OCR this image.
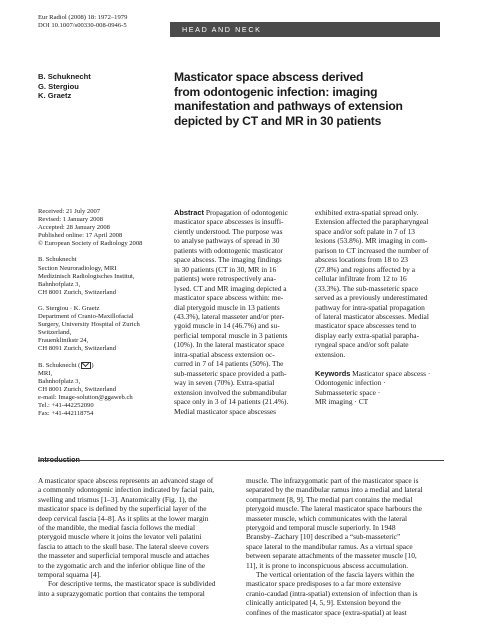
Eur Radiol (2008) 18: 1972–1979
DOI 10.1007/s00330-008-0946-5	HEAD AND NECK
B. Schuknecht
G. Stergiou
K. Graetz
Masticator space abscess derived
from odontogenic infection: imaging
manifestation and pathways of extension
depicted by CT and MR in 30 patients
Received: 21 July 2007
Revised: 1 January 2008
Accepted: 28 January 2008
Published online: 17 April 2008
© European Society of Radiology 2008
B. Schuknecht
Section Neuroradiology, MRI
Medizinisch Radiologisches Institut,
Bahnhofplatz 3,
CH 8001 Zurich, Switzerland
G. Stergiou · K. Graetz
Department of Cranio-Maxillofacial
Surgery, University Hospital of Zurich
Switzerland,
Frauenklinikstr 24,
CH 8091 Zurich, Switzerland
B. Schuknecht ( )
MRI,
Bahnhofplatz 3,
CH 8001 Zurich, Switzerland
e-mail: Image-solution@ggaweb.ch
Tel.: +41-442252090
Fax: +41-442118754
Abstract Propagation of odontogenic
masticator space abscesses is insuffi-
ciently understood. The purpose was
to analyse pathways of spread in 30
patients with odontogenic masticator
space abscess. The imaging findings
in 30 patients (CT in 30, MR in 16
patients) were retrospectively ana-
lysed. CT and MR imaging depicted a
masticator space abscess within: me-
dial pterygoid muscle in 13 patients
(43.3%), lateral masseter and/or pter-
ygoid muscle in 14 (46.7%) and su-
perficial temporal muscle in 3 patients
(10%). In the lateral masticator space
intra-spatial abscess extension oc-
curred in 7 of 14 patients (50%). The
sub-masseteric space provided a path-
way in seven (70%). Extra-spatial
extension involved the submandibular
space only in 3 of 14 patients (21.4%).
Medial masticator space abscesses
exhibited extra-spatial spread only.
Extension affected the parapharyngeal
space and/or soft palate in 7 of 13
lesions (53.8%). MR imaging in com-
parison to CT increased the number of
abscess locations from 18 to 23
(27.8%) and regions affected by a
cellular infiltrate from 12 to 16
(33.3%). The sub-masseteric space
served as a previously underestimated
pathway for intra-spatial propagation
of lateral masticator abscesses. Medial
masticator space abscesses tend to
display early extra-spatial parapha-
ryngeal space and/or soft palate
extension.
Keywords Masticator space abscess ·
Odontogenic infection ·
Submasseteric space ·
MR imaging · CT
Introduction
A masticator space abscess represents an advanced stage of
a commonly odontogenic infection indicated by facial pain,
swelling and trismus [1–3]. Anatomically (Fig. 1), the
masticator space is defined by the superficial layer of the
deep cervical fascia [4–8]. As it splits at the lower margin
of the mandible, the medial fascia follows the medial
pterygoid muscle where it joins the levator veli palatini
fascia to attach to the skull base. The lateral sleeve covers
the masseter and superficial temporal muscle and attaches
to the zygomatic arch and the inferior oblique line of the
temporal squama [4].
For descriptive terms, the masticator space is subdivided
into a suprazygomatic portion that contains the temporal
muscle. The infrazygomatic part of the masticator space is
separated by the mandibular ramus into a medial and lateral
compartment [8, 9]. The medial part contains the medial
pterygoid muscle. The lateral masticator space harbours the
masseter muscle, which communicates with the lateral
pterygoid and temporal muscle superiorly. In 1948
Bransby–Zachary [10] described a “sub-masseteric”
space lateral to the mandibular ramus. As a virtual space
between separate attachments of the masseter muscle [10,
11], it is prone to inconspicuous abscess accumulation.
The vertical orientation of the fascia layers within the
masticator space predisposes to a far more extensive
cranio-caudad (intra-spatial) extension of infection than is
clinically anticipated [4, 5, 9]. Extension beyond the
confines of the masticator space (extra-spatial) at least
